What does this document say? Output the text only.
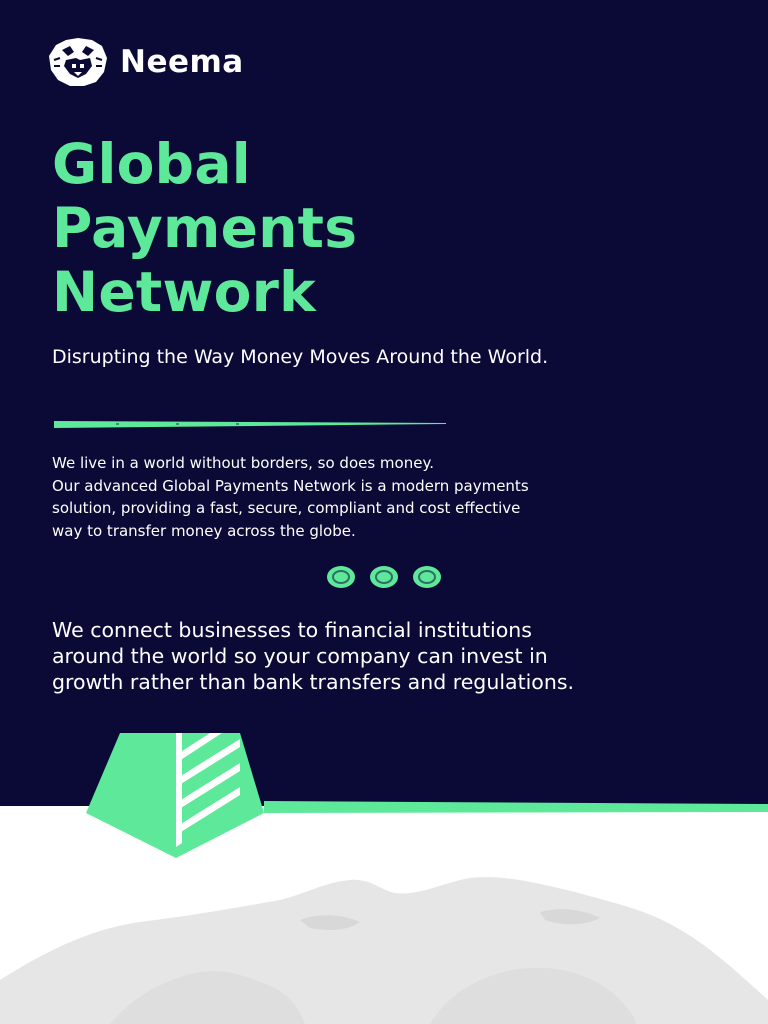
Neema
Global
Payments
Network
Disrupting the Way Money Moves Around the World.

We live in a world without borders, so does money.
Our advanced Global Payments Network is a modern payments
solution, providing a fast, secure, compliant and cost effective
way to transfer money across the globe.

We connect businesses to financial institutions
around the world so your company can invest in
growth rather than bank transfers and regulations.
